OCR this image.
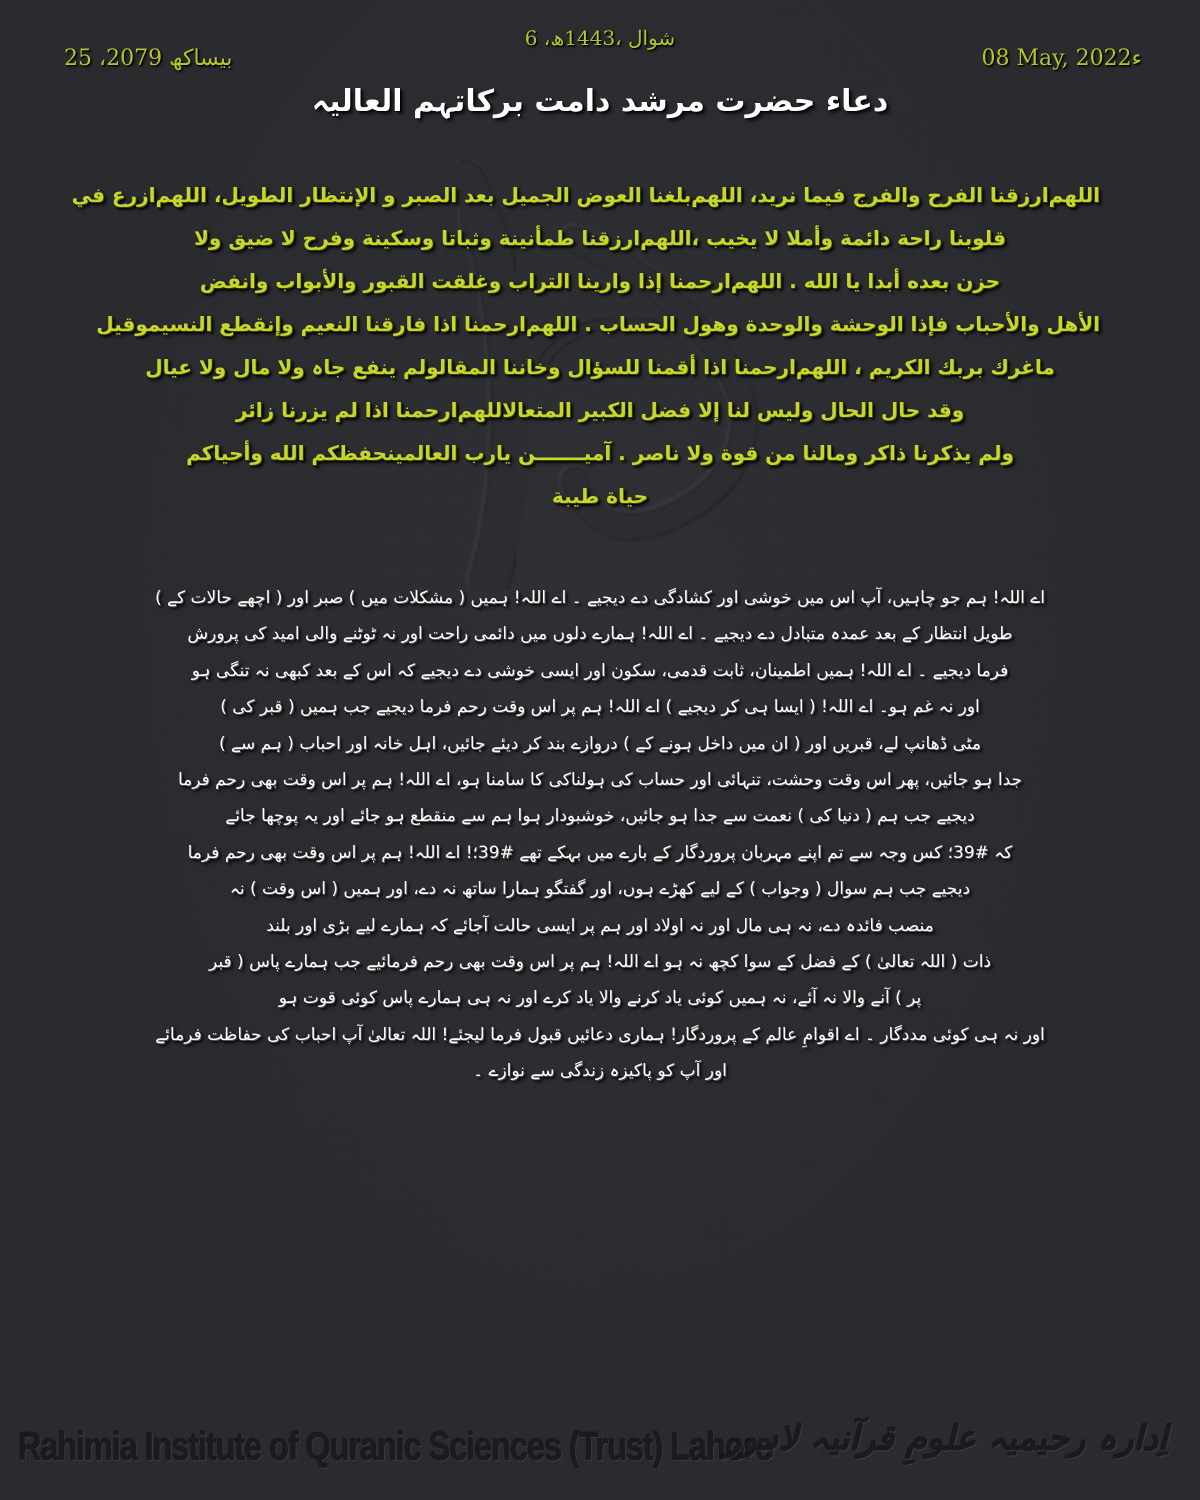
25 ،بیساکھ 2079	08 May, 2022ء
6 ،شوال ،1443ھ
دعاء حضرت مرشد دامت برکاتہم العالیہ
اللھم‌ارزقنا الفرح والفرج فیما نرید، اللھم‌بلغنا العوض الجمیل بعد الصبر و الإنتظار الطویل، اللھم‌ازرع في
قلوبنا راحة دائمة وأملا لا یخیب ،اللھم‌ارزقنا طمأنینة وثباتا وسکینة وفرح لا ضیق ولا
حزن بعده أبدا یا الله . اللھم‌ارحمنا إذا وارینا التراب وغلقت القبور والأبواب وانفض
الأھل والأحباب فإذا الوحشة والوحدة وھول الحساب . اللھم‌ارحمنا اذا فارقنا النعیم وإنقطع النسیموقیل
ماغرك بربك الکریم ، اللھم‌ارحمنا اذا أقمنا للسؤال وخاننا المقالولم ینفع جاہ ولا مال ولا عیال
وقد حال الحال ولیس لنا إلا فضل الکبیر المتعالاللھم‌ارحمنا اذا لم یزرنا زائر
ولم یذکرنا ذاکر ومالنا من قوة ولا ناصر . آمیـــــــن یارب العالمینحفظکم الله وأحیاکم
حیاة طیبة
اے اللہ! ہم جو چاہیں، آپ اس میں خوشی اور کشادگی دے دیجیے ۔ اے اللہ! ہمیں ( مشکلات میں ) صبر اور ( اچھے حالات کے )
طویل انتظار کے بعد عمدہ متبادل دے دیجیے ۔ اے اللہ! ہمارے دلوں میں دائمی راحت اور نہ ٹوٹنے والی امید کی پرورش
فرما دیجیے ۔ اے اللہ! ہمیں اطمینان، ثابت قدمی، سکون اور ایسی خوشی دے دیجیے کہ اس کے بعد کبھی نہ تنگی ہو
اور نہ غم ہو۔ اے اللہ! ( ایسا ہی کر دیجیے ) اے اللہ! ہم پر اس وقت رحم فرما دیجیے جب ہمیں ( قبر کی )
مٹی ڈھانپ لے، قبریں اور ( ان میں داخل ہونے کے ) دروازے بند کر دیئے جائیں، اہل خانہ اور احباب ( ہم سے )
جدا ہو جائیں، پھر اس وقت وحشت، تنہائی اور حساب کی ہولناکی کا سامنا ہو، اے اللہ! ہم پر اس وقت بھی رحم فرما
دیجیے جب ہم ( دنیا کی ) نعمت سے جدا ہو جائیں، خوشبودار ہوا ہم سے منقطع ہو جائے اور یہ پوچھا جائے
کہ #39؛ کس وجہ سے تم اپنے مہربان پروردگار کے بارے میں بہکے تھے #39؛! اے اللہ! ہم پر اس وقت بھی رحم فرما
دیجیے جب ہم سوال ( وجواب ) کے لیے کھڑے ہوں، اور گفتگو ہمارا ساتھ نہ دے، اور ہمیں ( اس وقت ) نہ
منصب فائدہ دے، نہ ہی مال اور نہ اولاد اور ہم پر ایسی حالت آجائے کہ ہمارے لیے بڑی اور بلند
ذات ( اللہ تعالیٰ ) کے فضل کے سوا کچھ نہ ہو اے اللہ! ہم پر اس وقت بھی رحم فرمائیے جب ہمارے پاس ( قبر
پر ) آنے والا نہ آئے، نہ ہمیں کوئی یاد کرنے والا یاد کرے اور نہ ہی ہمارے پاس کوئی قوت ہو
اور نہ ہی کوئی مددگار ۔ اے اقوامِ عالم کے پروردگار! ہماری دعائیں قبول فرما لیجئے! اللہ تعالیٰ آپ احباب کی حفاظت فرمائے
اور آپ کو پاکیزہ زندگی سے نوازے ۔
Rahimia Institute of Quranic Sciences (Trust) Lahore
اِدارہ رحیمیہ علومِ قرآنیہ لاہور
